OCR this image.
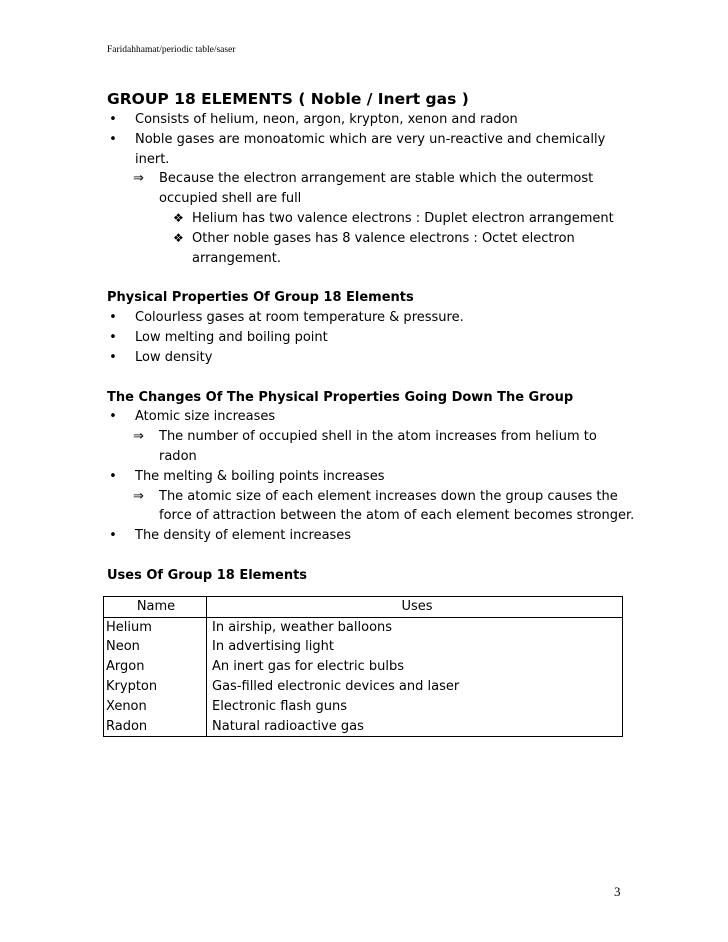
Faridahhamat/periodic table/saser
GROUP 18 ELEMENTS ( Noble / Inert gas )
• Consists of helium, neon, argon, krypton, xenon and radon
• Noble gases are monoatomic which are very un-reactive and chemically inert.
⇒ Because the electron arrangement are stable which the outermost occupied shell are full
❖ Helium has two valence electrons : Duplet electron arrangement
❖ Other noble gases has 8 valence electrons : Octet electron arrangement.
Physical Properties Of Group 18 Elements
• Colourless gases at room temperature & pressure.
• Low melting and boiling point
• Low density
The Changes Of The Physical Properties Going Down The Group
• Atomic size increases
⇒ The number of occupied shell in the atom increases from helium to radon
• The melting & boiling points increases
⇒ The atomic size of each element increases down the group causes the force of attraction between the atom of each element becomes stronger.
• The density of element increases
Uses Of Group 18 Elements
Name	Uses
Helium	In airship, weather balloons
Neon	In advertising light
Argon	An inert gas for electric bulbs
Krypton	Gas-filled electronic devices and laser
Xenon	Electronic flash guns
Radon	Natural radioactive gas
3
